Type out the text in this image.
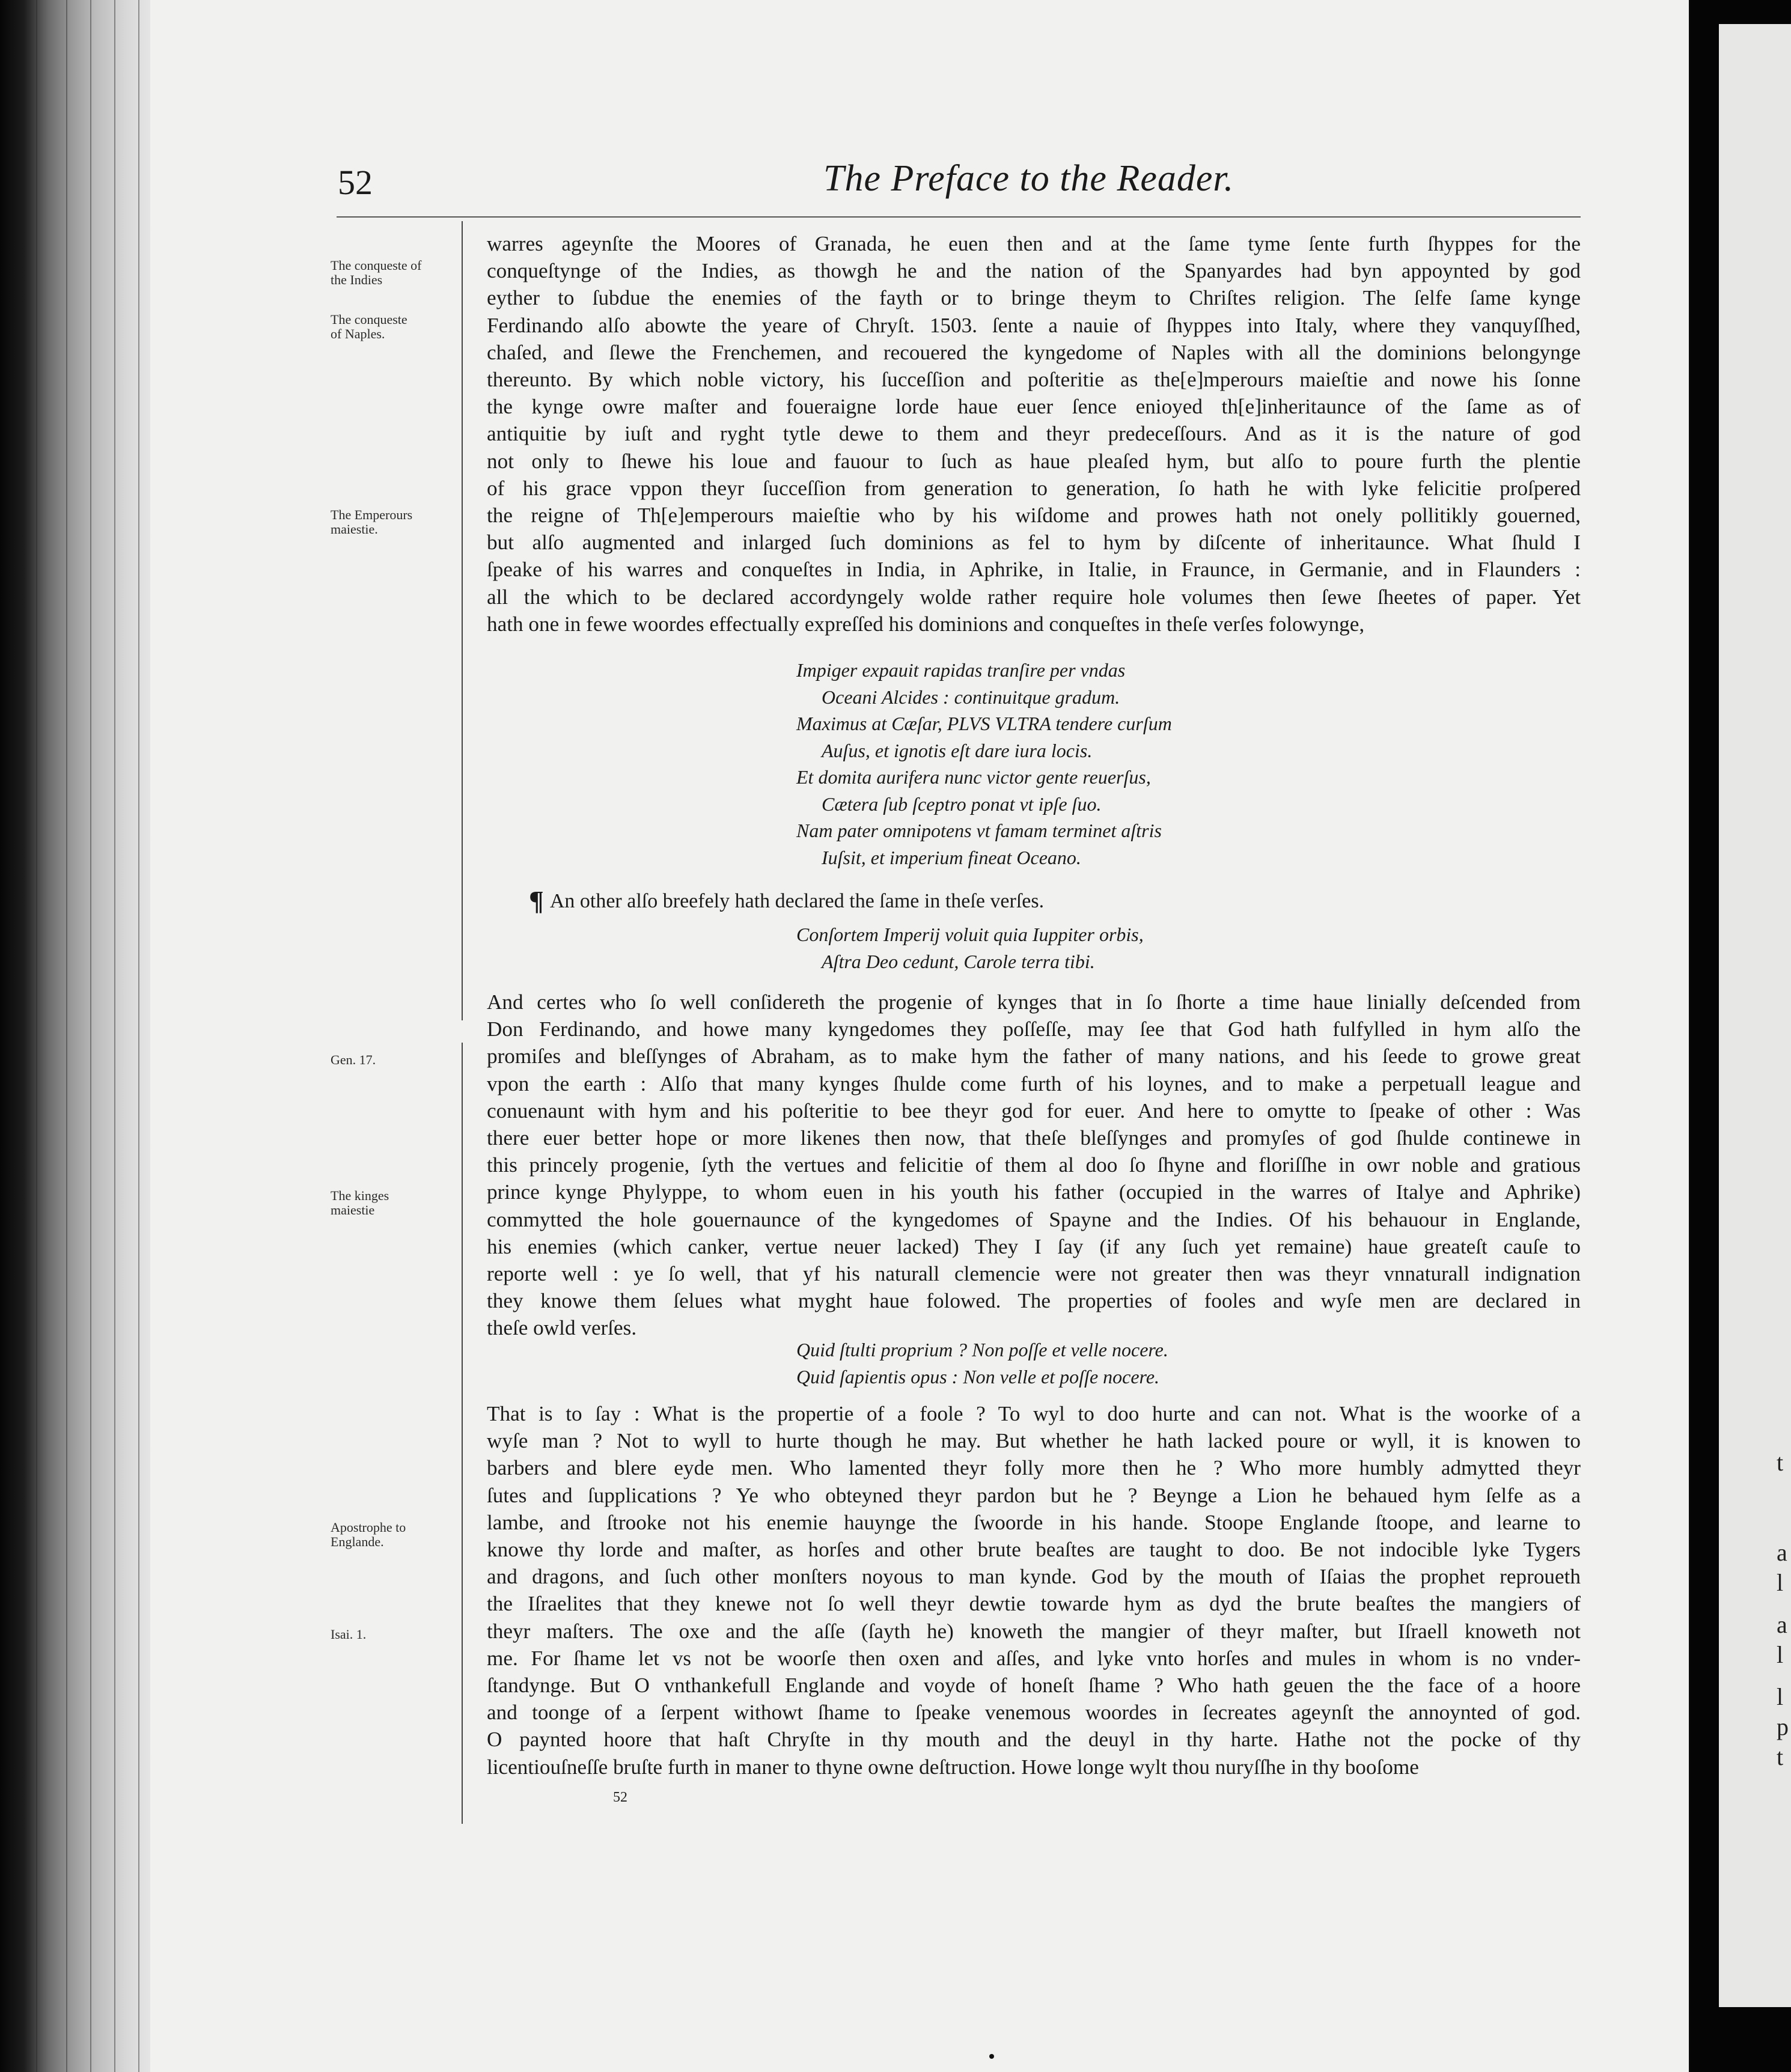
t
a
l
a
l
l
p
t
52	The Preface to the Reader.
The conqueste of
the Indies
The conqueste
of Naples.
The Emperours
maiestie.
Gen. 17.
The kinges
maiestie
Apostrophe to
Englande.
Isai. 1.
warres ageynſte the Moores of Granada, he euen then and at the ſame tyme ſente furth ſhyppes for the
conqueſtynge of the Indies, as thowgh he and the nation of the Spanyardes had byn appoynted by god
eyther to ſubdue the enemies of the fayth or to bringe theym to Chriſtes religion. The ſelfe ſame kynge
Ferdinando alſo abowte the yeare of Chryſt. 1503. ſente a nauie of ſhyppes into Italy, where they vanquyſſhed,
chaſed, and ſlewe the Frenchemen, and recouered the kyngedome of Naples with all the dominions belongynge
thereunto. By which noble victory, his ſucceſſion and poſteritie as the[e]mperours maieſtie and nowe his ſonne
the kynge owre maſter and foueraigne lorde haue euer ſence enioyed th[e]inheritaunce of the ſame as of
antiquitie by iuſt and ryght tytle dewe to them and theyr predeceſſours. And as it is the nature of god
not only to ſhewe his loue and fauour to ſuch as haue pleaſed hym, but alſo to poure furth the plentie
of his grace vppon theyr ſucceſſion from generation to generation, ſo hath he with lyke felicitie proſpered
the reigne of Th[e]emperours maieſtie who by his wiſdome and prowes hath not onely pollitikly gouerned,
but alſo augmented and inlarged ſuch dominions as fel to hym by diſcente of inheritaunce. What ſhuld I
ſpeake of his warres and conqueſtes in India, in Aphrike, in Italie, in Fraunce, in Germanie, and in Flaunders :
all the which to be declared accordyngely wolde rather require hole volumes then ſewe ſheetes of paper. Yet
hath one in fewe woordes effectually expreſſed his dominions and conqueſtes in theſe verſes folowynge,
Impiger expauit rapidas tranſire per vndas
Oceani Alcides : continuitque gradum.
Maximus at Cæſar, PLVS VLTRA tendere curſum
Auſus, et ignotis eſt dare iura locis.
Et domita aurifera nunc victor gente reuerſus,
Cætera ſub ſceptro ponat vt ipſe ſuo.
Nam pater omnipotens vt famam terminet aſtris
Iuſsit, et imperium fineat Oceano.
¶ An other alſo breefely hath declared the ſame in theſe verſes.
Conſortem Imperij voluit quia Iuppiter orbis,
Aſtra Deo cedunt, Carole terra tibi.
And certes who ſo well conſidereth the progenie of kynges that in ſo ſhorte a time haue linially deſcended from
Don Ferdinando, and howe many kyngedomes they poſſeſſe, may ſee that God hath fulfylled in hym alſo the
promiſes and bleſſynges of Abraham, as to make hym the father of many nations, and his ſeede to growe great
vpon the earth : Alſo that many kynges ſhulde come furth of his loynes, and to make a perpetuall league and
conuenaunt with hym and his poſteritie to bee theyr god for euer. And here to omytte to ſpeake of other : Was
there euer better hope or more likenes then now, that theſe bleſſynges and promyſes of god ſhulde continewe in
this princely progenie, ſyth the vertues and felicitie of them al doo ſo ſhyne and floriſſhe in owr noble and gratious
prince kynge Phylyppe, to whom euen in his youth his father (occupied in the warres of Italye and Aphrike)
commytted the hole gouernaunce of the kyngedomes of Spayne and the Indies. Of his behauour in Englande,
his enemies (which canker, vertue neuer lacked) They I ſay (if any ſuch yet remaine) haue greateſt cauſe to
reporte well : ye ſo well, that yf his naturall clemencie were not greater then was theyr vnnaturall indignation
they knowe them ſelues what myght haue folowed. The properties of fooles and wyſe men are declared in
theſe owld verſes.
Quid ſtulti proprium ? Non poſſe et velle nocere.
Quid ſapientis opus : Non velle et poſſe nocere.
That is to ſay : What is the propertie of a foole ? To wyl to doo hurte and can not. What is the woorke of a
wyſe man ? Not to wyll to hurte though he may. But whether he hath lacked poure or wyll, it is knowen to
barbers and blere eyde men. Who lamented theyr folly more then he ? Who more humbly admytted theyr
ſutes and ſupplications ? Ye who obteyned theyr pardon but he ? Beynge a Lion he behaued hym ſelfe as a
lambe, and ſtrooke not his enemie hauynge the ſwoorde in his hande. Stoope Englande ſtoope, and learne to
knowe thy lorde and maſter, as horſes and other brute beaſtes are taught to doo. Be not indocible lyke Tygers
and dragons, and ſuch other monſters noyous to man kynde. God by the mouth of Iſaias the prophet reproueth
the Iſraelites that they knewe not ſo well theyr dewtie towarde hym as dyd the brute beaſtes the mangiers of
theyr maſters. The oxe and the aſſe (ſayth he) knoweth the mangier of theyr maſter, but Iſraell knoweth not
me. For ſhame let vs not be woorſe then oxen and aſſes, and lyke vnto horſes and mules in whom is no vnder-
ſtandynge. But O vnthankefull Englande and voyde of honeſt ſhame ? Who hath geuen the the face of a hoore
and toonge of a ſerpent withowt ſhame to ſpeake venemous woordes in ſecreates ageynſt the annoynted of god.
O paynted hoore that haſt Chryſte in thy mouth and the deuyl in thy harte. Hathe not the pocke of thy
licentiouſneſſe bruſte furth in maner to thyne owne deſtruction. Howe longe wylt thou nuryſſhe in thy booſome
52
